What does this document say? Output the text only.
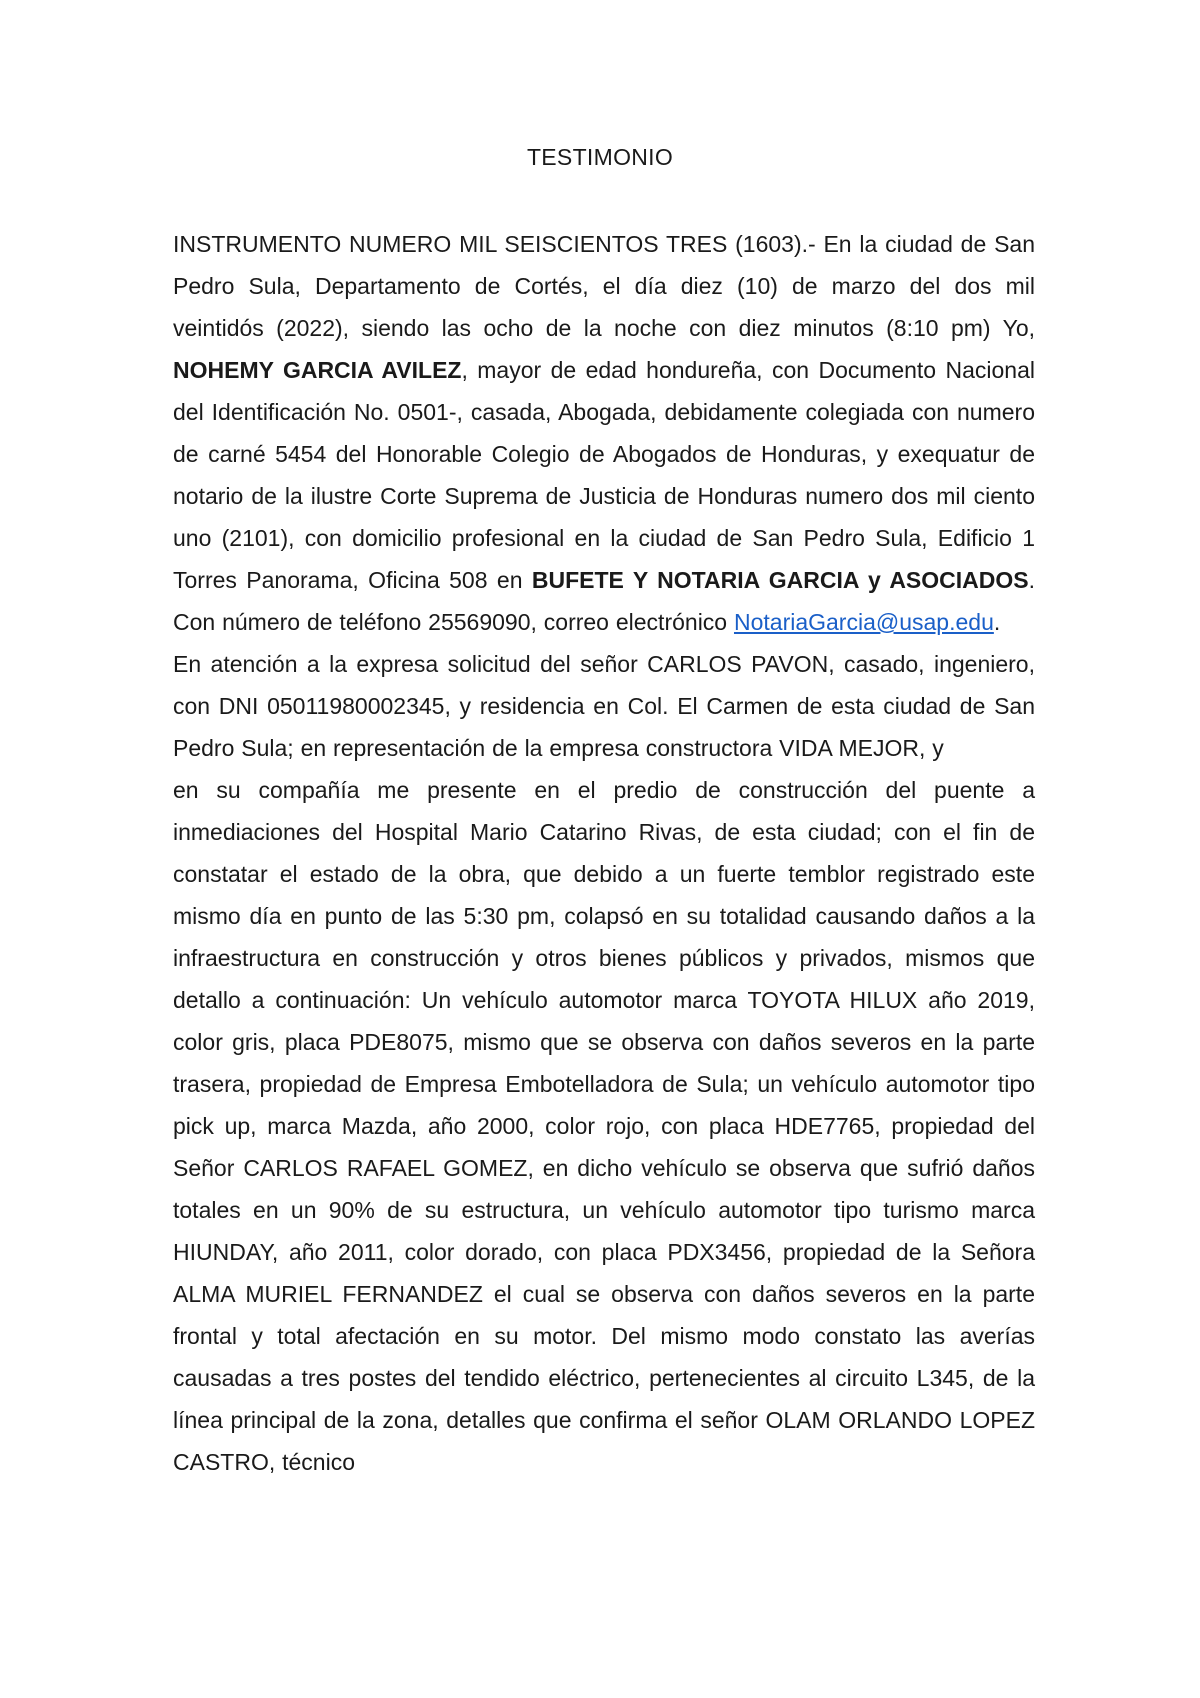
TESTIMONIO

INSTRUMENTO NUMERO MIL SEISCIENTOS TRES (1603).- En la ciudad de San Pedro Sula, Departamento de Cortés, el día diez (10) de marzo del dos mil veintidós (2022), siendo las ocho de la noche con diez minutos (8:10 pm) Yo, NOHEMY GARCIA AVILEZ, mayor de edad hondureña, con Documento Nacional del Identificación No. 0501-, casada, Abogada, debidamente colegiada con numero de carné 5454 del Honorable Colegio de Abogados de Honduras, y exequatur de notario de la ilustre Corte Suprema de Justicia de Honduras numero dos mil ciento uno (2101), con domicilio profesional en la ciudad de San Pedro Sula, Edificio 1 Torres Panorama, Oficina 508 en BUFETE Y NOTARIA GARCIA y ASOCIADOS. Con número de teléfono 25569090, correo electrónico NotariaGarcia@usap.edu.

En atención a la expresa solicitud del señor CARLOS PAVON, casado, ingeniero, con DNI 05011980002345, y residencia en Col. El Carmen de esta ciudad de San Pedro Sula; en representación de la empresa constructora VIDA MEJOR, y

en su compañía me presente en el predio de construcción del puente a inmediaciones del Hospital Mario Catarino Rivas, de esta ciudad; con el fin de constatar el estado de la obra, que debido a un fuerte temblor registrado este mismo día en punto de las 5:30 pm, colapsó en su totalidad causando daños a la infraestructura en construcción y otros bienes públicos y privados, mismos que detallo a continuación: Un vehículo automotor marca TOYOTA HILUX año 2019, color gris, placa PDE8075, mismo que se observa con daños severos en la parte trasera, propiedad de Empresa Embotelladora de Sula; un vehículo automotor tipo pick up, marca Mazda, año 2000, color rojo, con placa HDE7765, propiedad del Señor CARLOS RAFAEL GOMEZ, en dicho vehículo se observa que sufrió daños totales en un 90% de su estructura, un vehículo automotor tipo turismo marca HIUNDAY, año 2011, color dorado, con placa PDX3456, propiedad de la Señora ALMA MURIEL FERNANDEZ el cual se observa con daños severos en la parte frontal y total afectación en su motor. Del mismo modo constato las averías causadas a tres postes del tendido eléctrico, pertenecientes al circuito L345, de la línea principal de la zona, detalles que confirma el señor OLAM ORLANDO LOPEZ CASTRO, técnico
